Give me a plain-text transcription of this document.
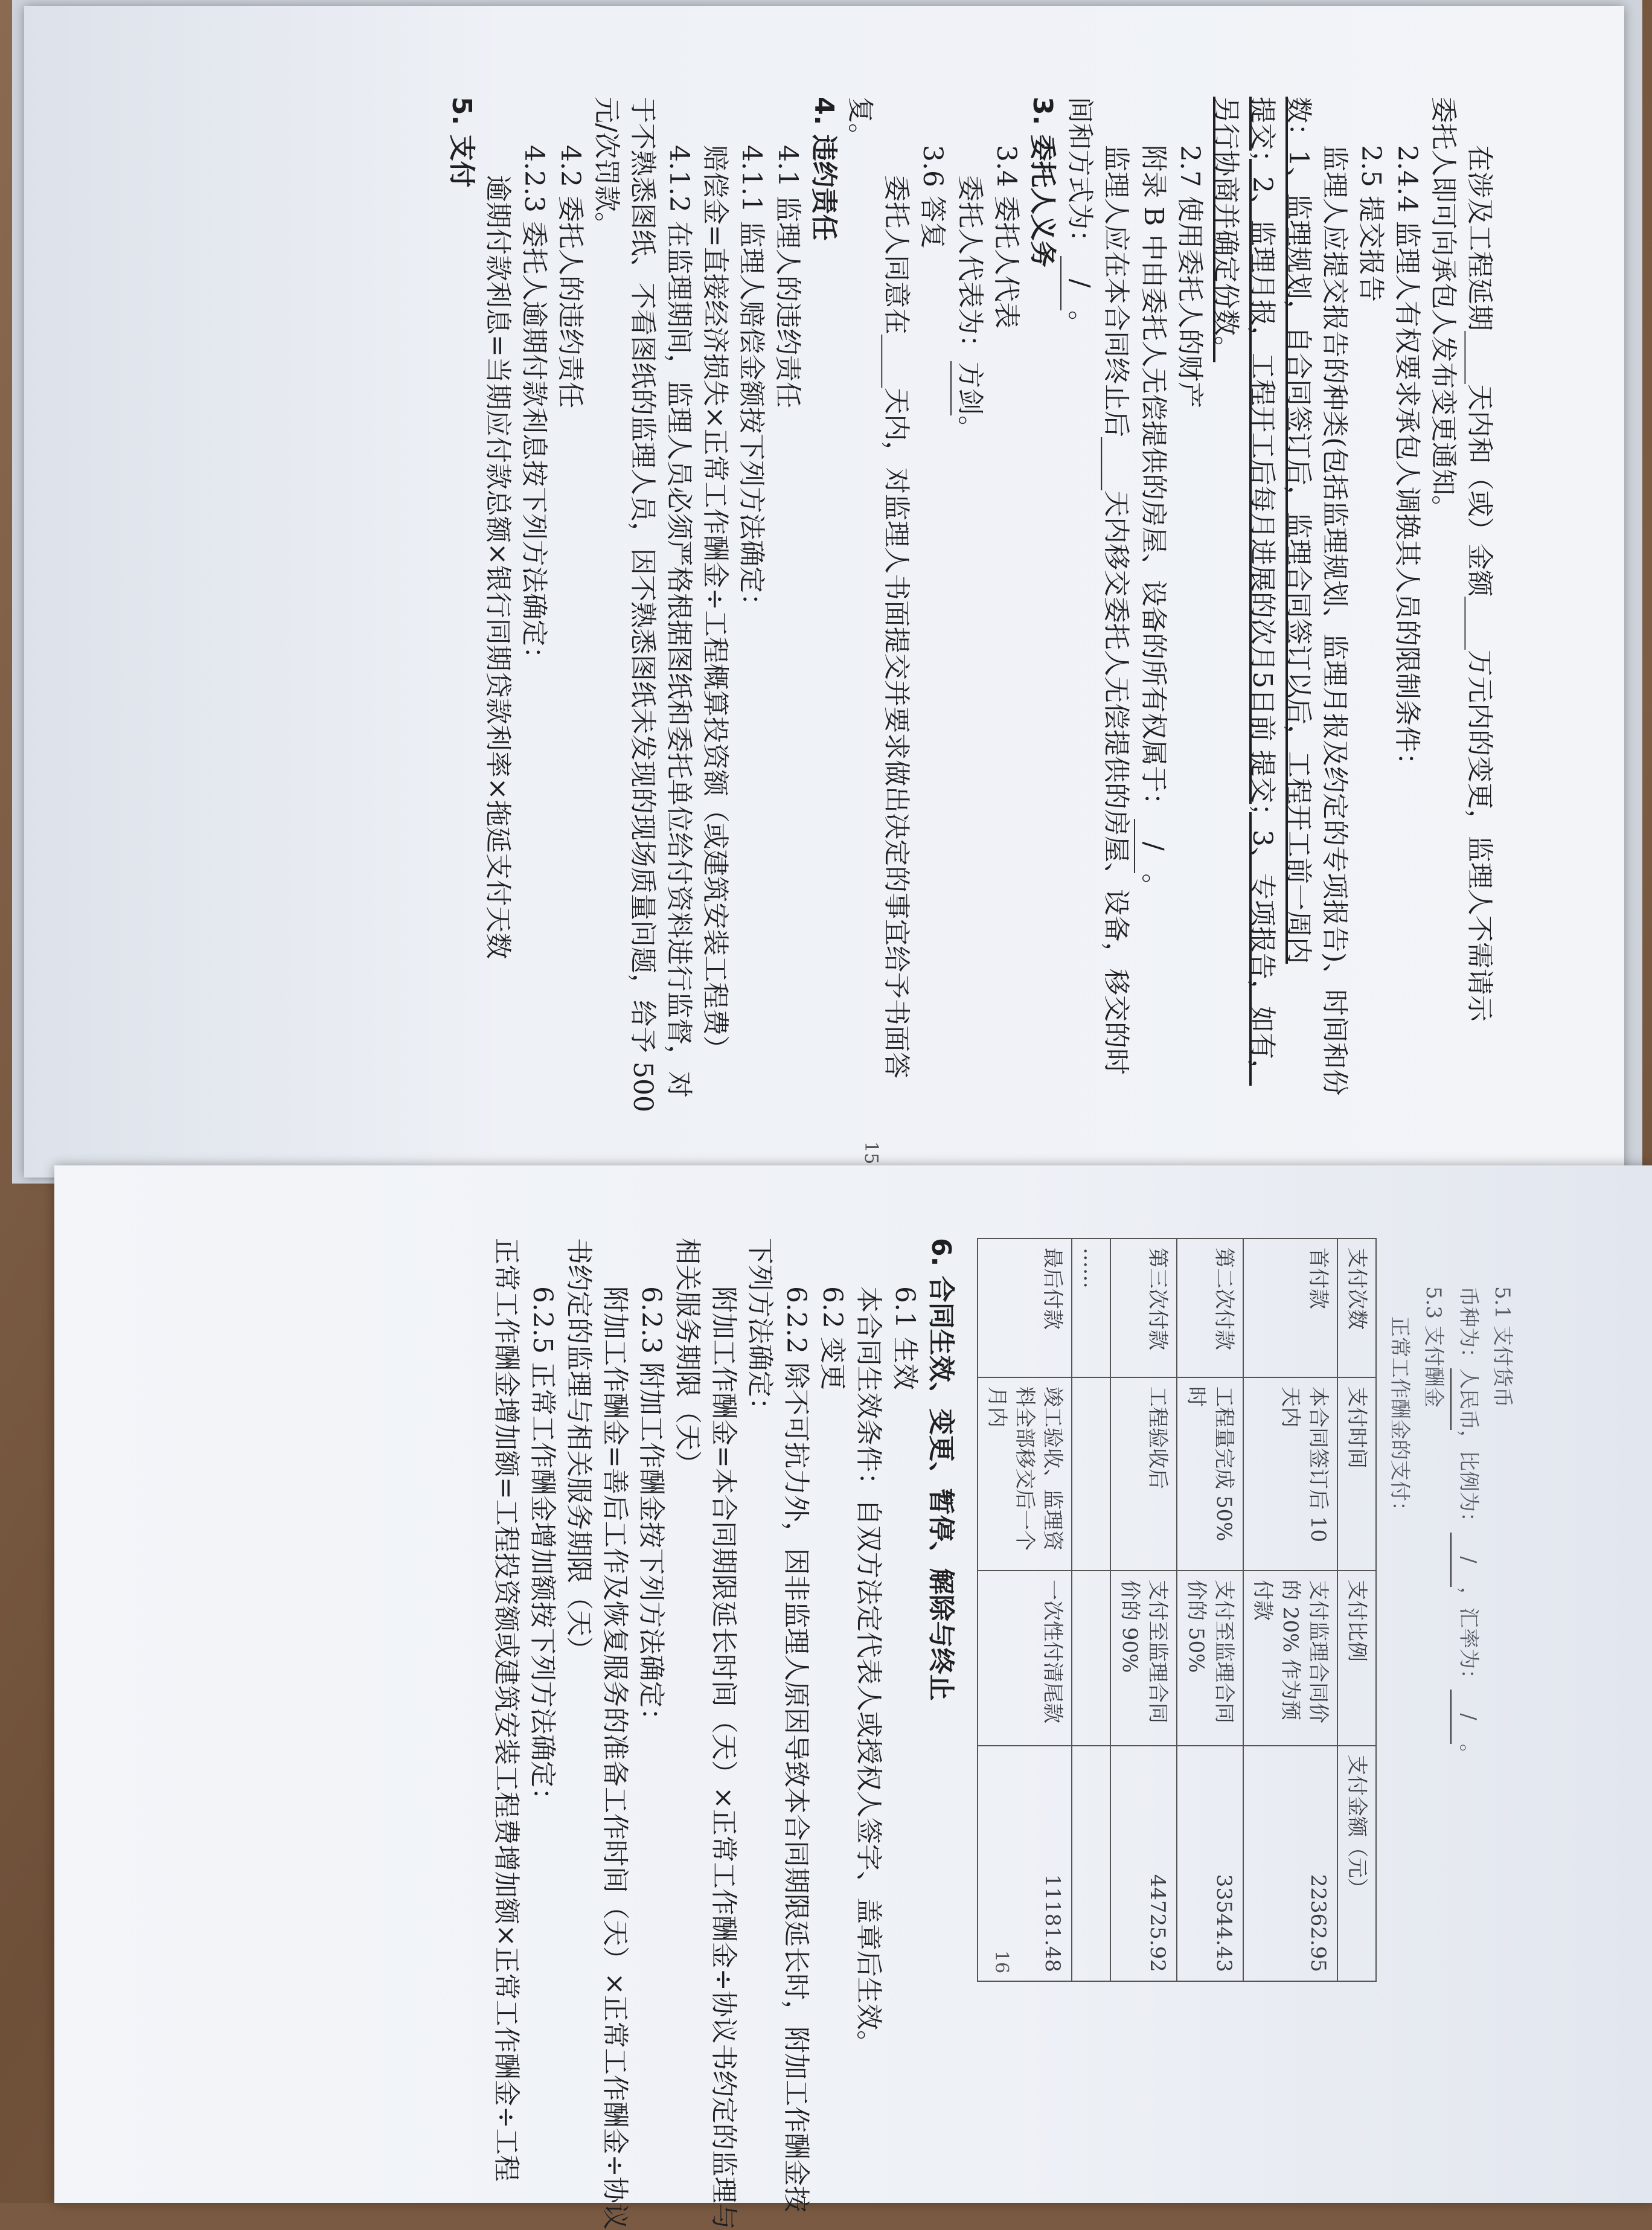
在涉及工程延期____天内和（或）金额____万元内的变更，监理人不需请示

委托人即可向承包人发布变更通知。

2.4.4 监理人有权要求承包人调换其人员的限制条件：

2.5 提交报告

监理人应提交报告的种类(包括监理规划、监理月报及约定的专项报告)、时间和份

数：1、监理规划，自合同签订后，监理合同签订以后，工程开工前一周内

提交；2、监理月报，工程开工后每月进展的次月5日前 提交；3、专项报告，如有，

另行协商并确定份数。

2.7 使用委托人的财产

附录 B 中由委托人无偿提供的房屋、设备的所有权属于：/。

监理人应在本合同终止后____天内移交委托人无偿提供的房屋、设备，移交的时

间和方式为：/。

3. 委托人义务

3.4 委托人代表

委托人代表为：方剑。

3.6 答复

委托人同意在____天内，对监理人书面提交并要求做出决定的事宜给予书面答

复。

4. 违约责任

4.1 监理人的违约责任

4.1.1 监理人赔偿金额按下列方法确定：

赔偿金=直接经济损失×正常工作酬金÷工程概算投资额（或建筑安装工程费）

4.1.2 在监理期间，监理人员必须严格根据图纸和委托单位给付资料进行监督，对

于不熟悉图纸、不看图纸的监理人员，因不熟悉图纸未发现的现场质量问题，给予 500

元/次罚款。

4.2 委托人的违约责任

4.2.3 委托人逾期付款利息按下列方法确定：

逾期付款利息=当期应付款总额×银行同期贷款利率×拖延支付天数

5. 支付

15

5.1 支付货币

币种为：人民币，比例为：/，汇率为：/。

5.3 支付酬金

正常工作酬金的支付：

支付次数	支付时间	支付比例	支付金额（元）
首付款	本合同签订后 10 天内	支付监理合同价的 20% 作为预付款	22362.95
第二次付款	工程量完成 50%时	支付至监理合同价的 50%	33544.43
第三次付款	工程验收后	支付至监理合同价的 90%	44725.92
……			
最后付款	竣工验收、监理资料全部移交后一个月内	一次性付清尾款	11181.48

6. 合同生效、变更、暂停、解除与终止

6.1 生效

本合同生效条件：自双方法定代表人或授权人签字、盖章后生效。

6.2 变更

6.2.2 除不可抗力外，因非监理人原因导致本合同期限延长时，附加工作酬金按

下列方法确定：

附加工作酬金=本合同期限延长时间（天）×正常工作酬金÷协议书约定的监理与

相关服务期限（天）

6.2.3 附加工作酬金按下列方法确定：

附加工作酬金=善后工作及恢复服务的准备工作时间（天）×正常工作酬金÷协议

书约定的监理与相关服务期限（天）

6.2.5 正常工作酬金增加额按下列方法确定：

正常工作酬金增加额=工程投资额或建筑安装工程费增加额×正常工作酬金÷工程	16
